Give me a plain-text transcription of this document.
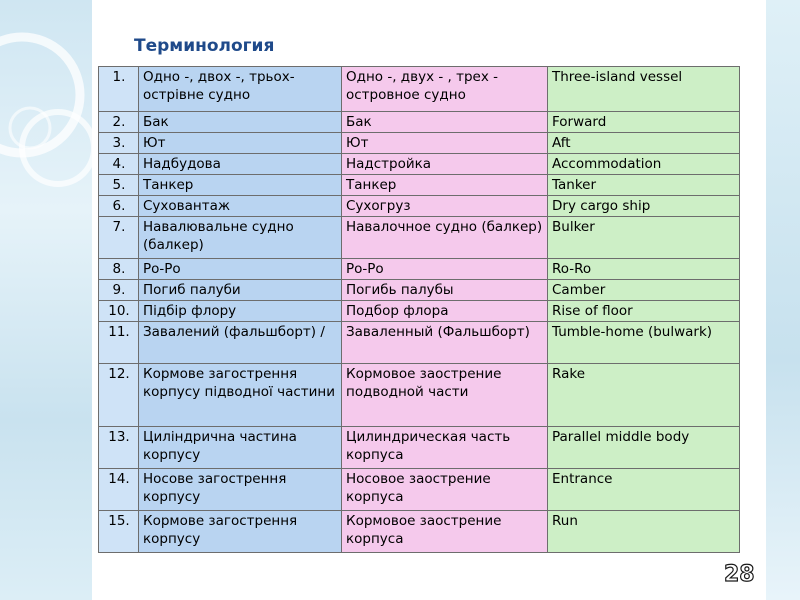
Терминология
1.	Одно -, двох -, трьох-острівне судно	Одно -, двух - , трех - островное судно	Three-island vessel
2.	Бак	Бак	Forward
3.	Ют	Ют	Aft
4.	Надбудова	Надстройка	Accommodation
5.	Танкер	Танкер	Tanker
6.	Суховантаж	Сухогруз	Dry cargo ship
7.	Навалювальне судно (балкер)	Навалочное судно (балкер)	Bulker
8.	Ро-Ро	Ро-Ро	Ro-Ro
9.	Погиб палуби	Погибь палубы	Camber
10.	Підбір флору	Подбор флора	Rise of floor
11.	Завалений (фальшборт) /	Заваленный (Фальшборт)	Tumble-home (bulwark)
12.	Кормове загострення корпусу підводної частини	Кормовое заострение подводной части	Rake
13.	Циліндрична частина корпусу	Цилиндрическая часть корпуса	Parallel middle body
14.	Носове загострення корпусу	Носовое заострение корпуса	Entrance
15.	Кормове загострення корпусу	Кормовое заострение корпуса	Run
28
